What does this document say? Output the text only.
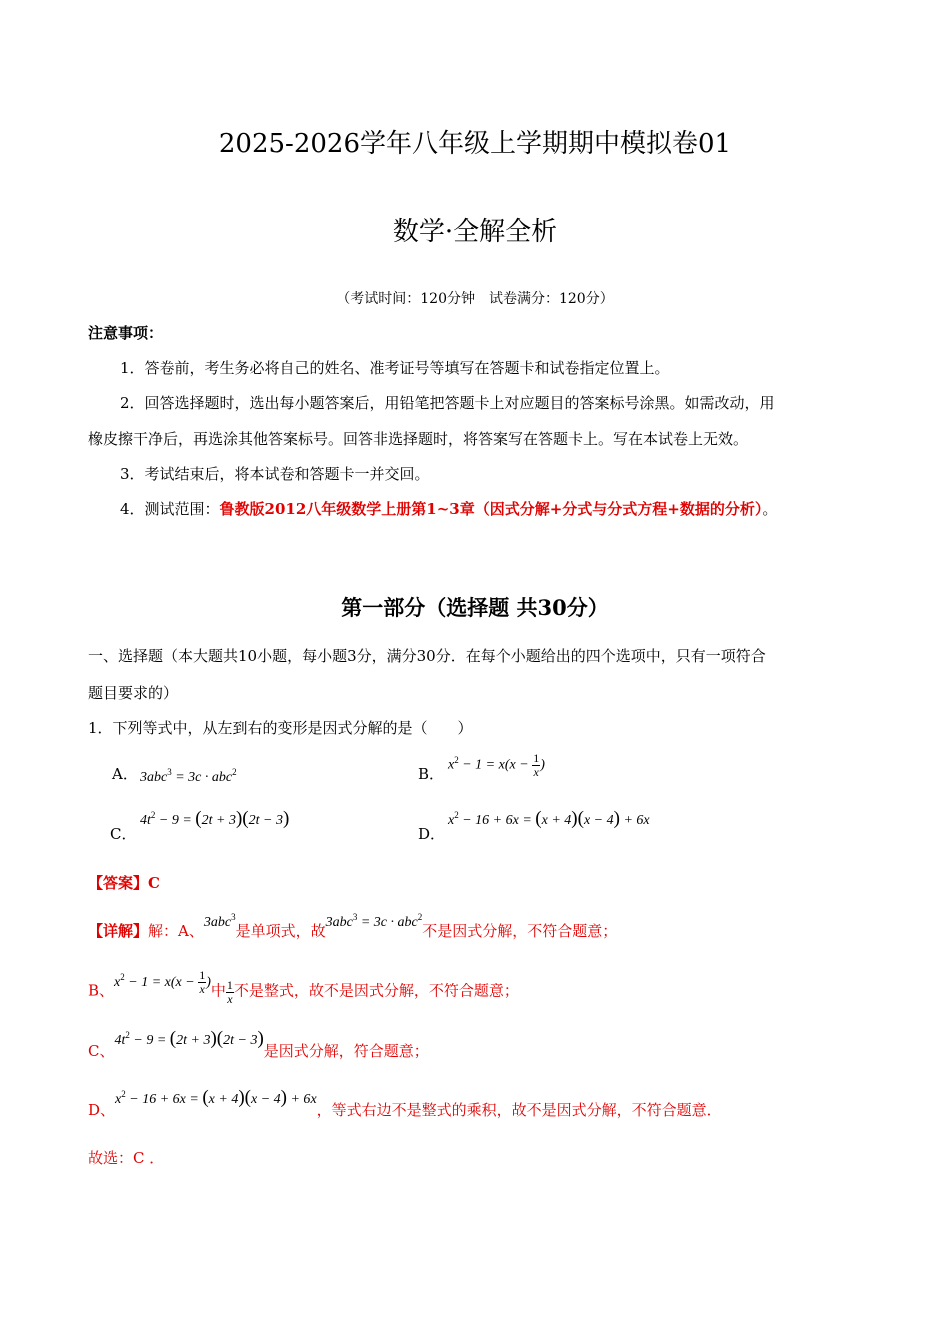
2025-2026学年八年级上学期期中模拟卷01
数学·全解全析
（考试时间：120分钟　试卷满分：120分）
注意事项：
1．答卷前，考生务必将自己的姓名、准考证号等填写在答题卡和试卷指定位置上。
2．回答选择题时，选出每小题答案后，用铅笔把答题卡上对应题目的答案标号涂黑。如需改动，用
橡皮擦干净后，再选涂其他答案标号。回答非选择题时，将答案写在答题卡上。写在本试卷上无效。
3．考试结束后，将本试卷和答题卡一并交回。
4．测试范围：鲁教版2012八年级数学上册第1~3章（因式分解+分式与分式方程+数据的分析）。
第一部分（选择题 共30分）
一、选择题（本大题共10小题，每小题3分，满分30分．在每个小题给出的四个选项中，只有一项符合
题目要求的）
1．下列等式中，从左到右的变形是因式分解的是（　　）
A． 3abc$^3$ = 3c · abc$^2$	B． $x^2 - 1 = x(x - \frac{1}{x}$ )
C．
$4t^2 - 9 = (2t + 3)(2t - 3)$
D．
$x^2 - 16 + 6x = (x + 4)(x - 4) + 6x$
【答案】C
【详解】解：A、3abc$^3$是单项式，故3abc$^3$ = 3c · abc$^2$不是因式分解，不符合题意；
B、$x^2 - 1 = x(x - \frac{1}{x}$ )中 $\frac{1}{x}$ 不是整式，故不是因式分解，不符合题意；
C、$4t^2 - 9 = (2t + 3)(2t - 3)$是因式分解，符合题意；
D、$x^2 - 16 + 6x = (x + 4)(x - 4) + 6x$，等式右边不是整式的乘积，故不是因式分解，不符合题意．
故选：C ．
